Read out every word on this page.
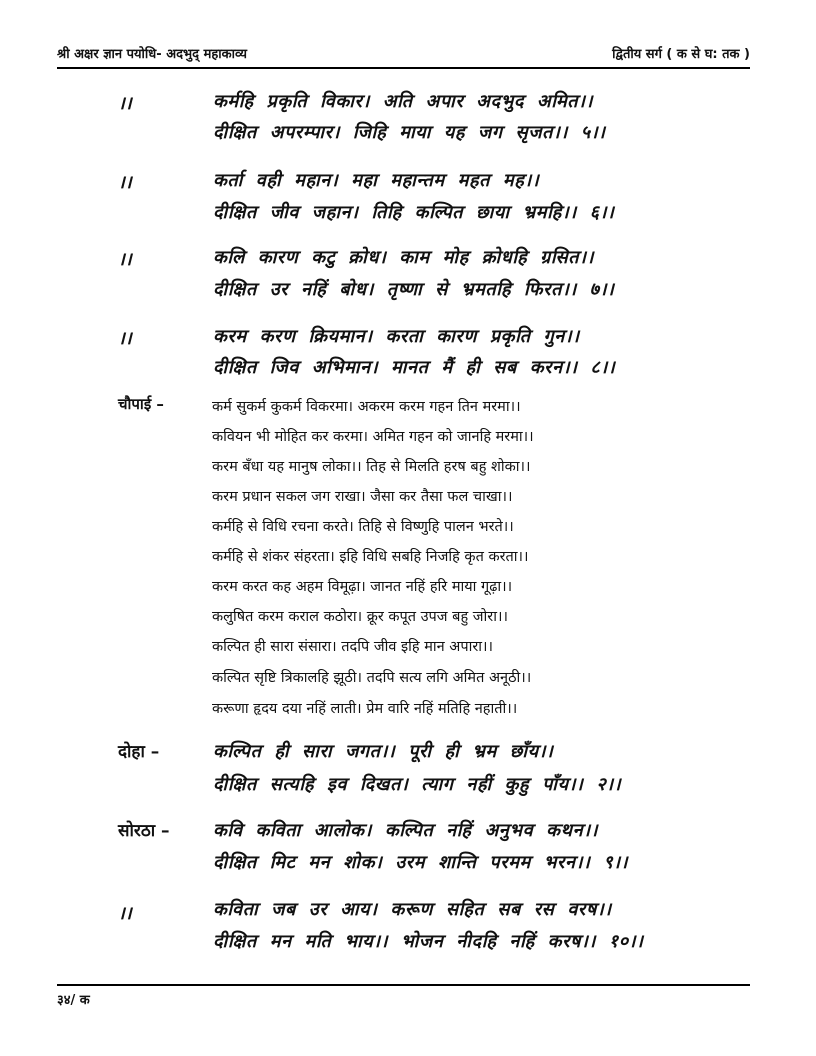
श्री अक्षर ज्ञान पयोधि- अदभुद् महाकाव्य	द्वितीय सर्ग ( क से घ: तक )
।।	कर्महि प्रकृति विकार। अति अपार अदभुद अमित।।
दीक्षित अपरम्पार। जिहि माया यह जग सृजत।। ५।।
।।	कर्ता वही महान। महा महान्तम महत मह।।
दीक्षित जीव जहान। तिहि कल्पित छाया भ्रमहि।। ६।।
।।	कलि कारण कटु क्रोध। काम मोह क्रोधहि ग्रसित।।
दीक्षित उर नहिं बोध। तृष्णा से भ्रमतहि फिरत।। ७।।
।।	करम करण क्रियमान। करता कारण प्रकृति गुन।।
दीक्षित जिव अभिमान। मानत मैं ही सब करन।। ८।।
चौपाई –	कर्म सुकर्म कुकर्म विकरमा। अकरम करम गहन तिन मरमा।।
कवियन भी मोहित कर करमा। अमित गहन को जानहि मरमा।।
करम बँधा यह मानुष लोका।। तिह से मिलति हरष बहु शोका।।
करम प्रधान सकल जग राखा। जैसा कर तैसा फल चाखा।।
कर्महि से विधि रचना करते। तिहि से विष्णुहि पालन भरते।।
कर्महि से शंकर संहरता। इहि विधि सबहि निजहि कृत करता।।
करम करत कह अहम विमूढ़ा। जानत नहिं हरि माया गूढ़ा।।
कलुषित करम कराल कठोरा। क्रूर कपूत उपज बहु जोरा।।
कल्पित ही सारा संसारा। तदपि जीव इहि मान अपारा।।
कल्पित सृष्टि त्रिकालहि झूठी। तदपि सत्य लगि अमित अनूठी।।
करूणा हृदय दया नहिं लाती। प्रेम वारि नहिं मतिहि नहाती।।
दोहा –	कल्पित ही सारा जगत।। पूरी ही भ्रम छाँय।।
दीक्षित सत्यहि इव दिखत। त्याग नहीं कुहु पाँय।। २।।
सोरठा – कवि कविता आलोक। कल्पित नहिं अनुभव कथन।।
दीक्षित मिट मन शोक। उरम शान्ति परमम भरन।। ९।।
।।	कविता जब उर आय। करूण सहित सब रस वरष।।
दीक्षित मन मति भाय।। भोजन नीदहि नहिं करष।। १०।।
३४/ क
